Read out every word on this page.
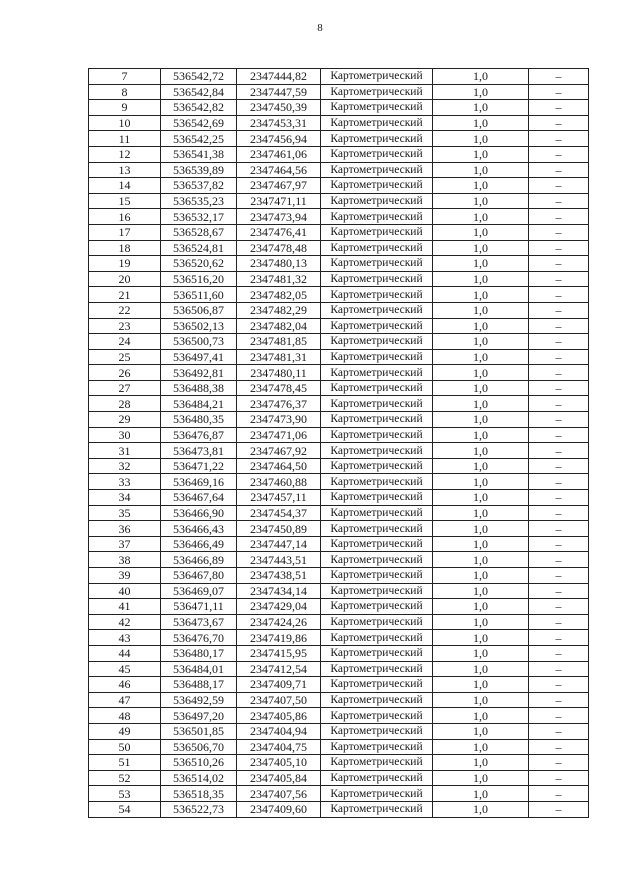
8
7	536542,72	2347444,82	Картометрический	1,0	–
8	536542,84	2347447,59	Картометрический	1,0	–
9	536542,82	2347450,39	Картометрический	1,0	–
10	536542,69	2347453,31	Картометрический	1,0	–
11	536542,25	2347456,94	Картометрический	1,0	–
12	536541,38	2347461,06	Картометрический	1,0	–
13	536539,89	2347464,56	Картометрический	1,0	–
14	536537,82	2347467,97	Картометрический	1,0	–
15	536535,23	2347471,11	Картометрический	1,0	–
16	536532,17	2347473,94	Картометрический	1,0	–
17	536528,67	2347476,41	Картометрический	1,0	–
18	536524,81	2347478,48	Картометрический	1,0	–
19	536520,62	2347480,13	Картометрический	1,0	–
20	536516,20	2347481,32	Картометрический	1,0	–
21	536511,60	2347482,05	Картометрический	1,0	–
22	536506,87	2347482,29	Картометрический	1,0	–
23	536502,13	2347482,04	Картометрический	1,0	–
24	536500,73	2347481,85	Картометрический	1,0	–
25	536497,41	2347481,31	Картометрический	1,0	–
26	536492,81	2347480,11	Картометрический	1,0	–
27	536488,38	2347478,45	Картометрический	1,0	–
28	536484,21	2347476,37	Картометрический	1,0	–
29	536480,35	2347473,90	Картометрический	1,0	–
30	536476,87	2347471,06	Картометрический	1,0	–
31	536473,81	2347467,92	Картометрический	1,0	–
32	536471,22	2347464,50	Картометрический	1,0	–
33	536469,16	2347460,88	Картометрический	1,0	–
34	536467,64	2347457,11	Картометрический	1,0	–
35	536466,90	2347454,37	Картометрический	1,0	–
36	536466,43	2347450,89	Картометрический	1,0	–
37	536466,49	2347447,14	Картометрический	1,0	–
38	536466,89	2347443,51	Картометрический	1,0	–
39	536467,80	2347438,51	Картометрический	1,0	–
40	536469,07	2347434,14	Картометрический	1,0	–
41	536471,11	2347429,04	Картометрический	1,0	–
42	536473,67	2347424,26	Картометрический	1,0	–
43	536476,70	2347419,86	Картометрический	1,0	–
44	536480,17	2347415,95	Картометрический	1,0	–
45	536484,01	2347412,54	Картометрический	1,0	–
46	536488,17	2347409,71	Картометрический	1,0	–
47	536492,59	2347407,50	Картометрический	1,0	–
48	536497,20	2347405,86	Картометрический	1,0	–
49	536501,85	2347404,94	Картометрический	1,0	–
50	536506,70	2347404,75	Картометрический	1,0	–
51	536510,26	2347405,10	Картометрический	1,0	–
52	536514,02	2347405,84	Картометрический	1,0	–
53	536518,35	2347407,56	Картометрический	1,0	–
54	536522,73	2347409,60	Картометрический	1,0	–
